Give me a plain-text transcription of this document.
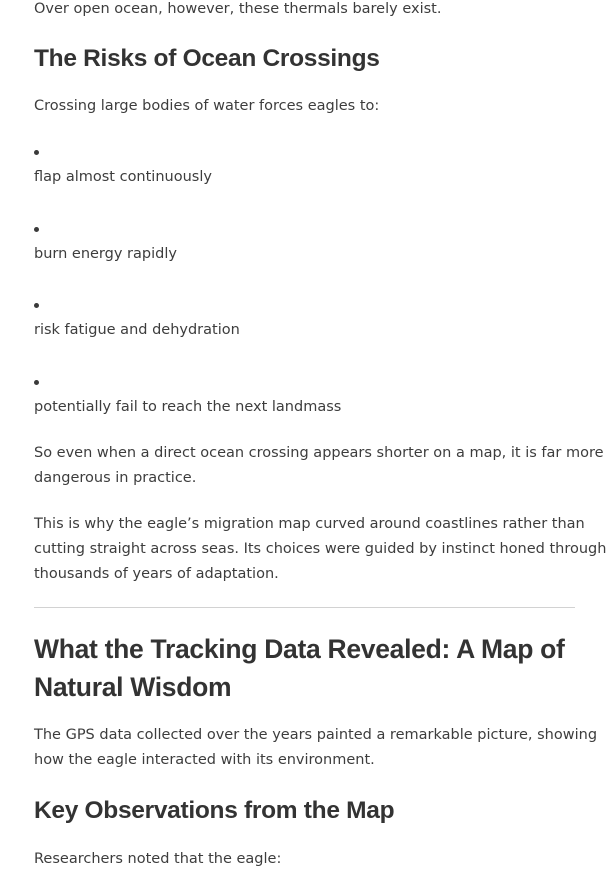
Over open ocean, however, these thermals barely exist.

The Risks of Ocean Crossings

Crossing large bodies of water forces eagles to:

flap almost continuously

burn energy rapidly

risk fatigue and dehydration

potentially fail to reach the next landmass

So even when a direct ocean crossing appears shorter on a map, it is far more

dangerous in practice.

This is why the eagle’s migration map curved around coastlines rather than

cutting straight across seas. Its choices were guided by instinct honed through

thousands of years of adaptation.

What the Tracking Data Revealed: A Map of
Natural Wisdom

The GPS data collected over the years painted a remarkable picture, showing

how the eagle interacted with its environment.

Key Observations from the Map

Researchers noted that the eagle:
